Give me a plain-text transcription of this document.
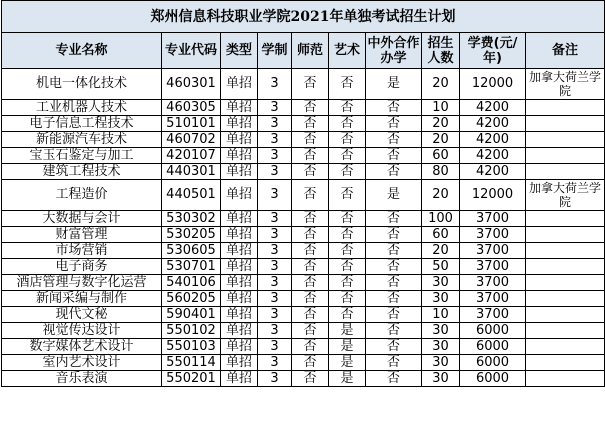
郑州信息科技职业学院2021年单独考试招生计划									
专业名称	专业代码	类型	学制	师范	艺术	中外合作办学	招生人数	学费(元/年)	备注
机电一体化技术	460301	单招	3	否	否	是	20	12000	加拿大荷兰学院
工业机器人技术	460305	单招	3	否	否	否	10	4200	
电子信息工程技术	510101	单招	3	否	否	否	20	4200	
新能源汽车技术	460702	单招	3	否	否	否	20	4200	
宝玉石鉴定与加工	420107	单招	3	否	否	否	60	4200	
建筑工程技术	440301	单招	3	否	否	否	80	4200	
工程造价	440501	单招	3	否	否	是	20	12000	加拿大荷兰学院
大数据与会计	530302	单招	3	否	否	否	100	3700	
财富管理	530205	单招	3	否	否	否	60	3700	
市场营销	530605	单招	3	否	否	否	20	3700	
电子商务	530701	单招	3	否	否	否	50	3700	
酒店管理与数字化运营	540106	单招	3	否	否	否	30	3700	
新闻采编与制作	560205	单招	3	否	否	否	30	3700	
现代文秘	590401	单招	3	否	否	否	10	3700	
视觉传达设计	550102	单招	3	否	是	否	30	6000	
数字媒体艺术设计	550103	单招	3	否	是	否	30	6000	
室内艺术设计	550114	单招	3	否	是	否	30	6000	
音乐表演	550201	单招	3	否	是	否	30	6000	
